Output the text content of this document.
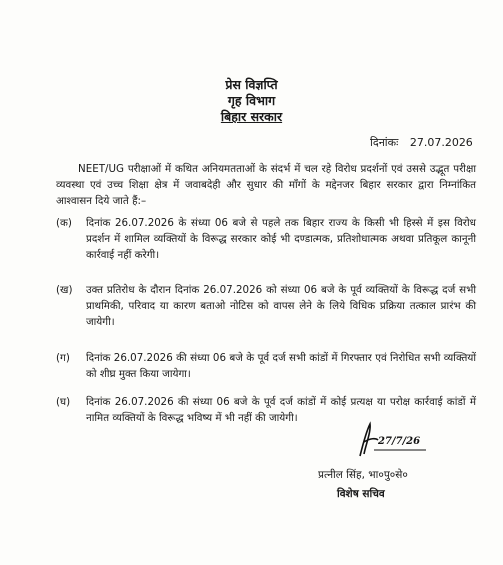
प्रेस विज्ञप्ति
गृह विभाग
बिहार सरकार
दिनांकः 27.07.2026
NEET/UG परीक्षाओं में कथित अनियमतताओं के संदर्भ में चल रहे विरोध प्रदर्शनों एवं उससे उद्भूत परीक्षा व्यवस्था एवं उच्च शिक्षा क्षेत्र में जवाबदेही और सुधार की माँगों के मद्देनजर बिहार सरकार द्वारा निम्नांकित आश्वासन दिये जाते हैं:–
(क)	दिनांक 26.07.2026 के संध्या 06 बजे से पहले तक बिहार राज्य के किसी भी हिस्से में इस विरोध प्रदर्शन में शामिल व्यक्तियों के विरूद्ध सरकार कोई भी दण्डात्मक, प्रतिशोधात्मक अथवा प्रतिकूल कानूनी कार्रवाई नहीं करेगी।
(ख)	उक्त प्रतिरोध के दौरान दिनांक 26.07.2026 को संध्या 06 बजे के पूर्व व्यक्तियों के विरूद्ध दर्ज सभी प्राथमिकी, परिवाद या कारण बताओ नोटिस को वापस लेने के लिये विधिक प्रक्रिया तत्काल प्रारंभ की जायेगी।
(ग)	दिनांक 26.07.2026 की संध्या 06 बजे के पूर्व दर्ज सभी कांडों में गिरफ्तार एवं निरोधित सभी व्यक्तियों को शीघ्र मुक्त किया जायेगा।
(घ)	दिनांक 26.07.2026 की संध्या 06 बजे के पूर्व दर्ज कांडों में कोई प्रत्यक्ष या परोक्ष कार्रवाई कांडों में नामित व्यक्तियों के विरूद्ध भविष्य में भी नहीं की जायेगी।
27/7/26
प्रत्नील सिंह, भा०पु०से०
विशेष सचिव
